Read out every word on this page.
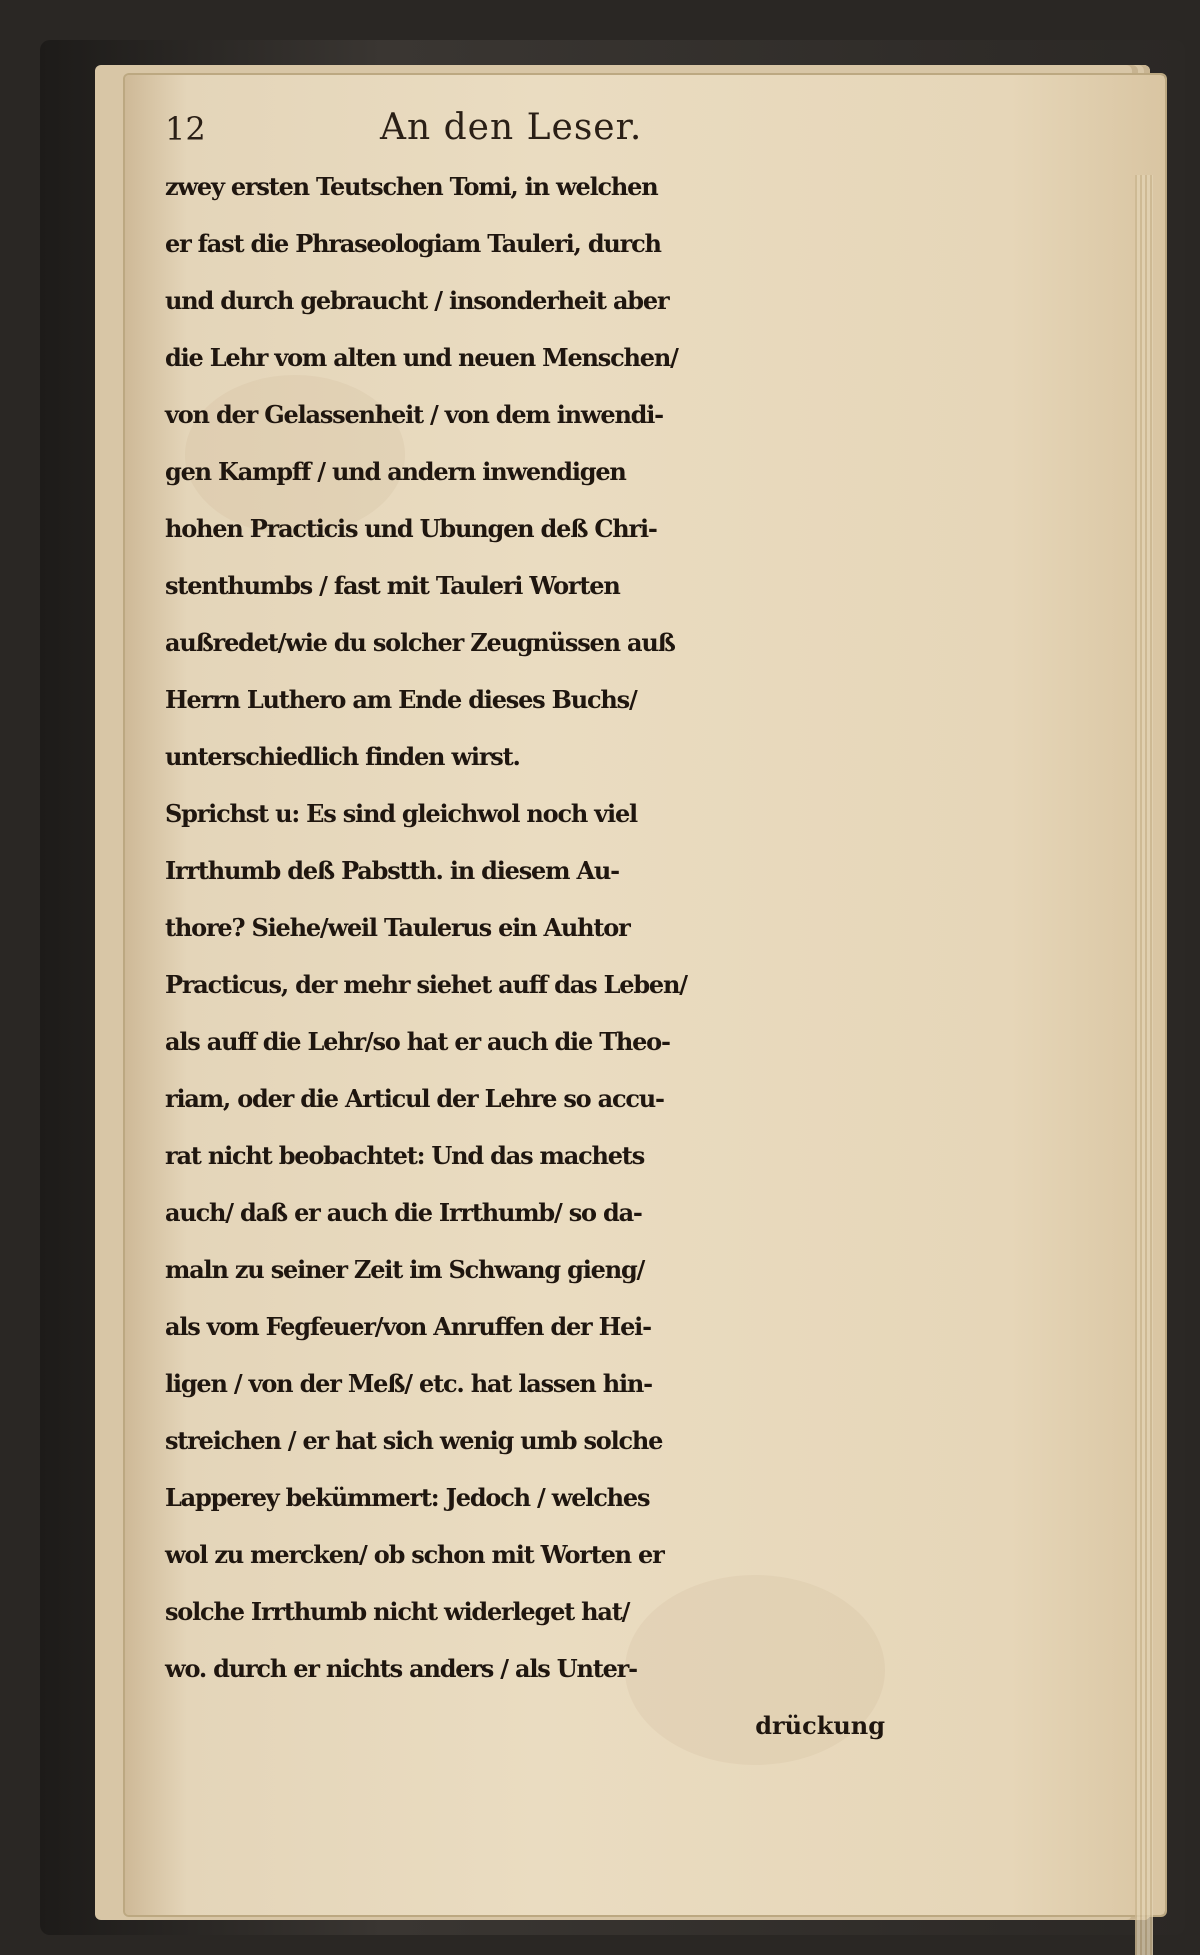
12	An den Leser.
zwey ersten Teutschen Tomi, in welchen
er fast die Phraseologiam Tauleri, durch
und durch gebraucht / insonderheit aber
die Lehr vom alten und neuen Menschen/
von der Gelassenheit / von dem inwendi-
gen Kampff / und andern inwendigen
hohen Practicis und Ubungen deß Chri-
stenthumbs / fast mit Tauleri Worten
außredet/wie du solcher Zeugnüssen auß
Herrn Luthero am Ende dieses Buchs/
unterschiedlich finden wirst.
Sprichst u: Es sind gleichwol noch viel
Irrthumb deß Pabstth. in diesem Au-
thore? Siehe/weil Taulerus ein Auhtor
Practicus, der mehr siehet auff das Leben/
als auff die Lehr/so hat er auch die Theo-
riam, oder die Articul der Lehre so accu-
rat nicht beobachtet: Und das machets
auch/ daß er auch die Irrthumb/ so da-
maln zu seiner Zeit im Schwang gieng/
als vom Fegfeuer/von Anruffen der Hei-
ligen / von der Meß/ etc. hat lassen hin-
streichen / er hat sich wenig umb solche
Lapperey bekümmert: Jedoch / welches
wol zu mercken/ ob schon mit Worten er
solche Irrthumb nicht widerleget hat/
wo. durch er nichts anders / als Unter-
drückung
